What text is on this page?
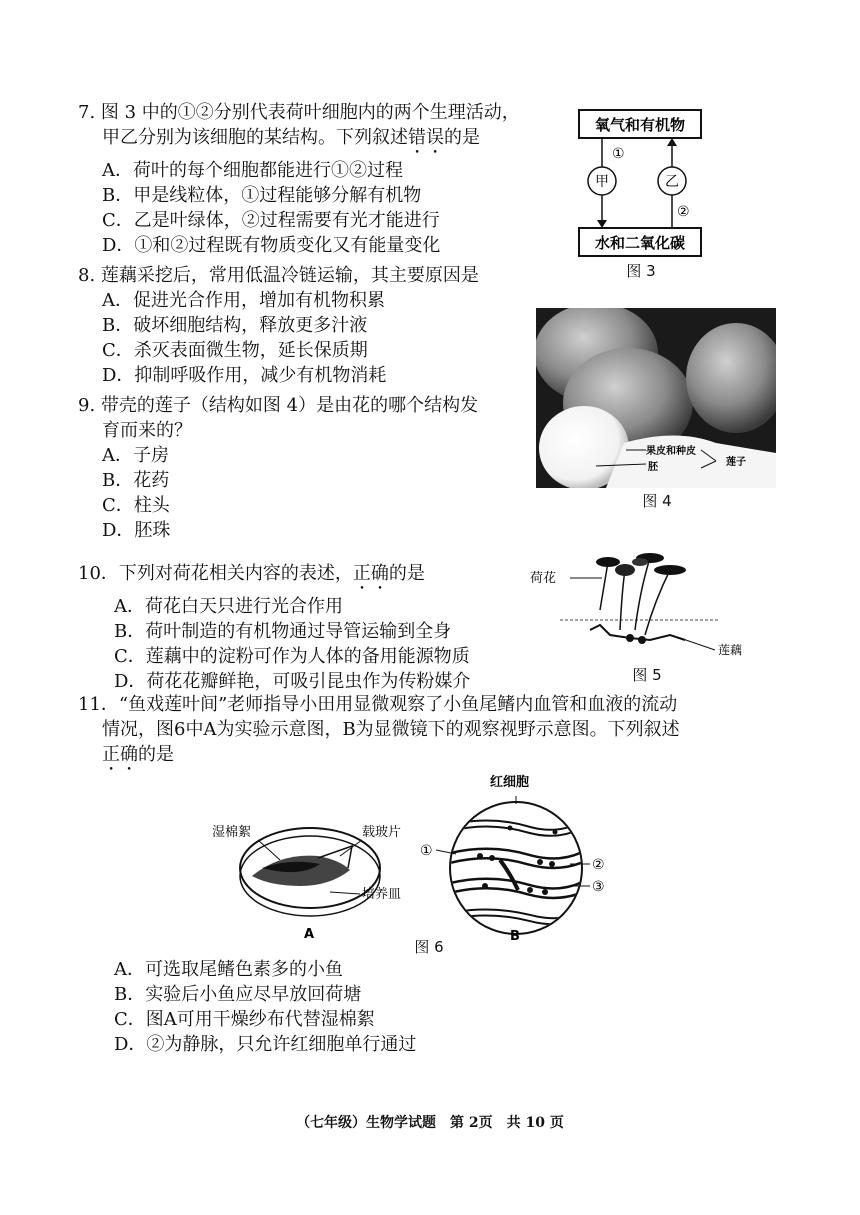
7. 图 3 中的①②分别代表荷叶细胞内的两个生理活动，
甲乙分别为该细胞的某结构。下列叙述错误的是
A．荷叶的每个细胞都能进行①②过程
B．甲是线粒体，①过程能够分解有机物
C．乙是叶绿体，②过程需要有光才能进行
D．①和②过程既有物质变化又有能量变化
氧气和有机物
水和二氧化碳
甲	乙
①
②
图 3
8. 莲藕采挖后，常用低温冷链运输，其主要原因是
A．促进光合作用，增加有机物积累
B．破坏细胞结构，释放更多汁液
C．杀灭表面微生物，延长保质期
D．抑制呼吸作用，减少有机物消耗
9. 带壳的莲子（结构如图 4）是由花的哪个结构发
育而来的？
A．子房
B．花药
C．柱头
D．胚珠
果皮和种皮
胚	莲子
图 4
10．下列对荷花相关内容的表述，正确的是
A．荷花白天只进行光合作用
B．荷叶制造的有机物通过导管运输到全身
C．莲藕中的淀粉可作为人体的备用能源物质
D．荷花花瓣鲜艳，可吸引昆虫作为传粉媒介
荷花
莲藕
图 5
11．“鱼戏莲叶间”老师指导小田用显微观察了小鱼尾鳍内血管和血液的流动
情况，图6中A为实验示意图，B为显微镜下的观察视野示意图。下列叙述
正确的是
湿棉絮	载玻片
培养皿
A
红细胞
①
②
③
B
图 6
A．可选取尾鳍色素多的小鱼
B．实验后小鱼应尽早放回荷塘
C．图A可用干燥纱布代替湿棉絮
D．②为静脉，只允许红细胞单行通过
（七年级）生物学试题　第 2页　共 10 页
